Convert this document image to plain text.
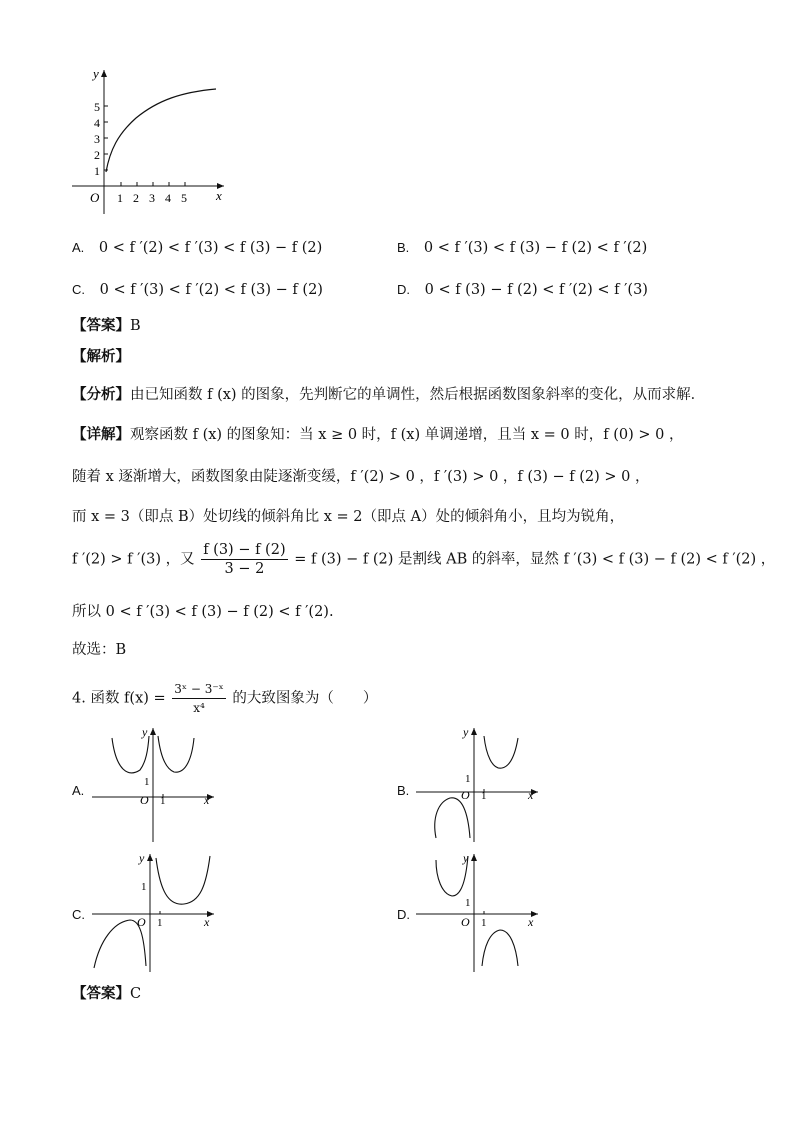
y
x
O
1
2
3
4
5
1 2 3 4 5
A. 0 < f ′(2) < f ′(3) < f (3) − f (2)	B. 0 < f ′(3) < f (3) − f (2) < f ′(2)
C. 0 < f ′(3) < f ′(2) < f (3) − f (2)	D. 0 < f (3) − f (2) < f ′(2) < f ′(3)
【答案】B
【解析】
【分析】由已知函数 f (x) 的图象，先判断它的单调性，然后根据函数图象斜率的变化，从而求解．
【详解】观察函数 f (x) 的图象知：当 x ≥ 0 时，f (x) 单调递增，且当 x = 0 时，f (0) > 0 ，
随着 x 逐渐增大，函数图象由陡逐渐变缓，f ′(2) > 0 ，f ′(3) > 0 ，f (3) − f (2) > 0 ，
而 x = 3（即点 B）处切线的倾斜角比 x = 2（即点 A）处的倾斜角小，且均为锐角，
f ′(2) > f ′(3) ，又 $\frac{f (3) - f (2)}{3 - 2} = f$ (3) − f (2) 是割线 AB 的斜率，显然 f ′(3) < f (3) − f (2) < f ′(2) ，
所以 0 < f ′(3) < f (3) − f (2) < f ′(2).
故选：B
4. 函数 $f(x) = \frac{\text{3ˣ − 3⁻ˣ}}{\text{x⁴}}$ 的大致图象为（　　）
A.	B.
C.	D.
y
x
O
1
1
y
x
O
1
1
y
x
O
1
1
y
x
O
1
1
【答案】C
